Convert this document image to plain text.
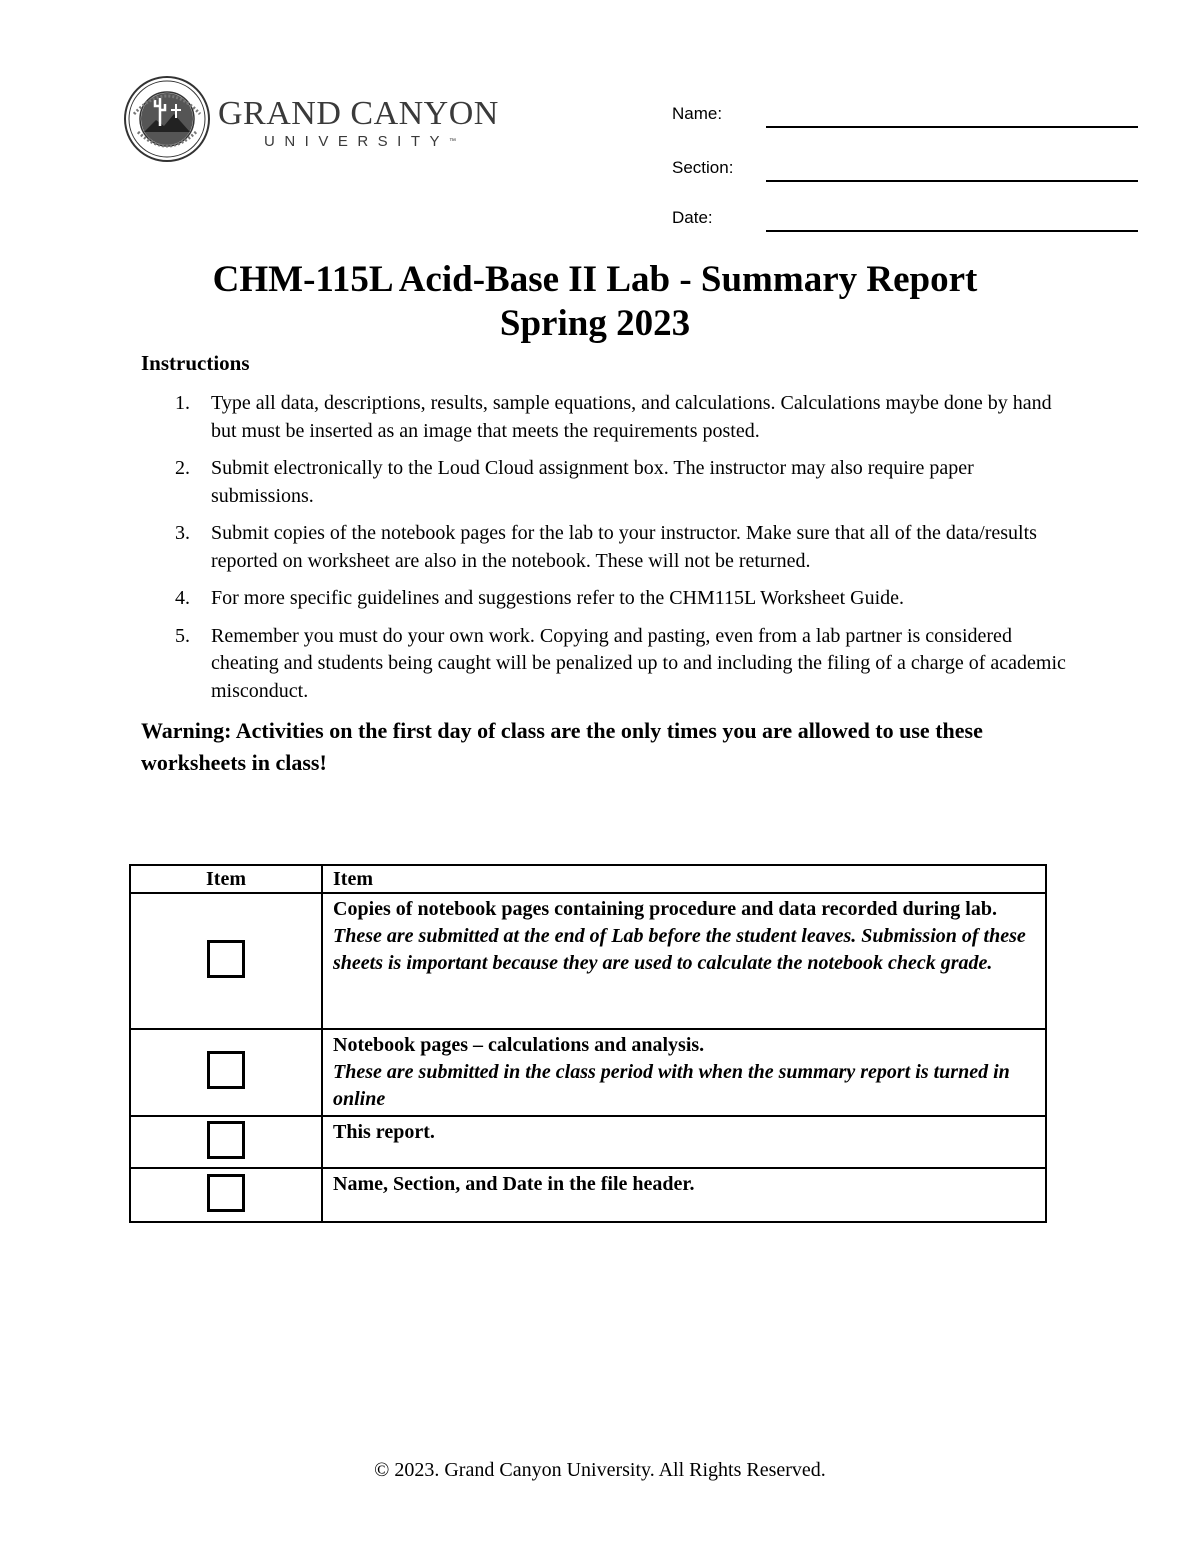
GRAND CANYON
UNIVERSITY™
Name:
Section:
Date:
CHM-115L Acid-Base II Lab - Summary Report
Spring 2023
Instructions
1. Type all data, descriptions, results, sample equations, and calculations. Calculations maybe done by hand but must be inserted as an image that meets the requirements posted.
2. Submit electronically to the Loud Cloud assignment box. The instructor may also require paper submissions.
3. Submit copies of the notebook pages for the lab to your instructor. Make sure that all of the data/results reported on worksheet are also in the notebook. These will not be returned.
4. For more specific guidelines and suggestions refer to the CHM115L Worksheet Guide.
5. Remember you must do your own work. Copying and pasting, even from a lab partner is considered cheating and students being caught will be penalized up to and including the filing of a charge of academic misconduct.
Warning: Activities on the first day of class are the only times you are allowed to use these worksheets in class!
Item	Item

	Copies of notebook pages containing procedure and data recorded during lab.
These are submitted at the end of Lab before the student leaves. Submission of these sheets is important because they are used to calculate the notebook check grade.

	Notebook pages – calculations and analysis.
These are submitted in the class period with when the summary report is turned in online

	This report.

	Name, Section, and Date in the file header.
© 2023. Grand Canyon University. All Rights Reserved.
